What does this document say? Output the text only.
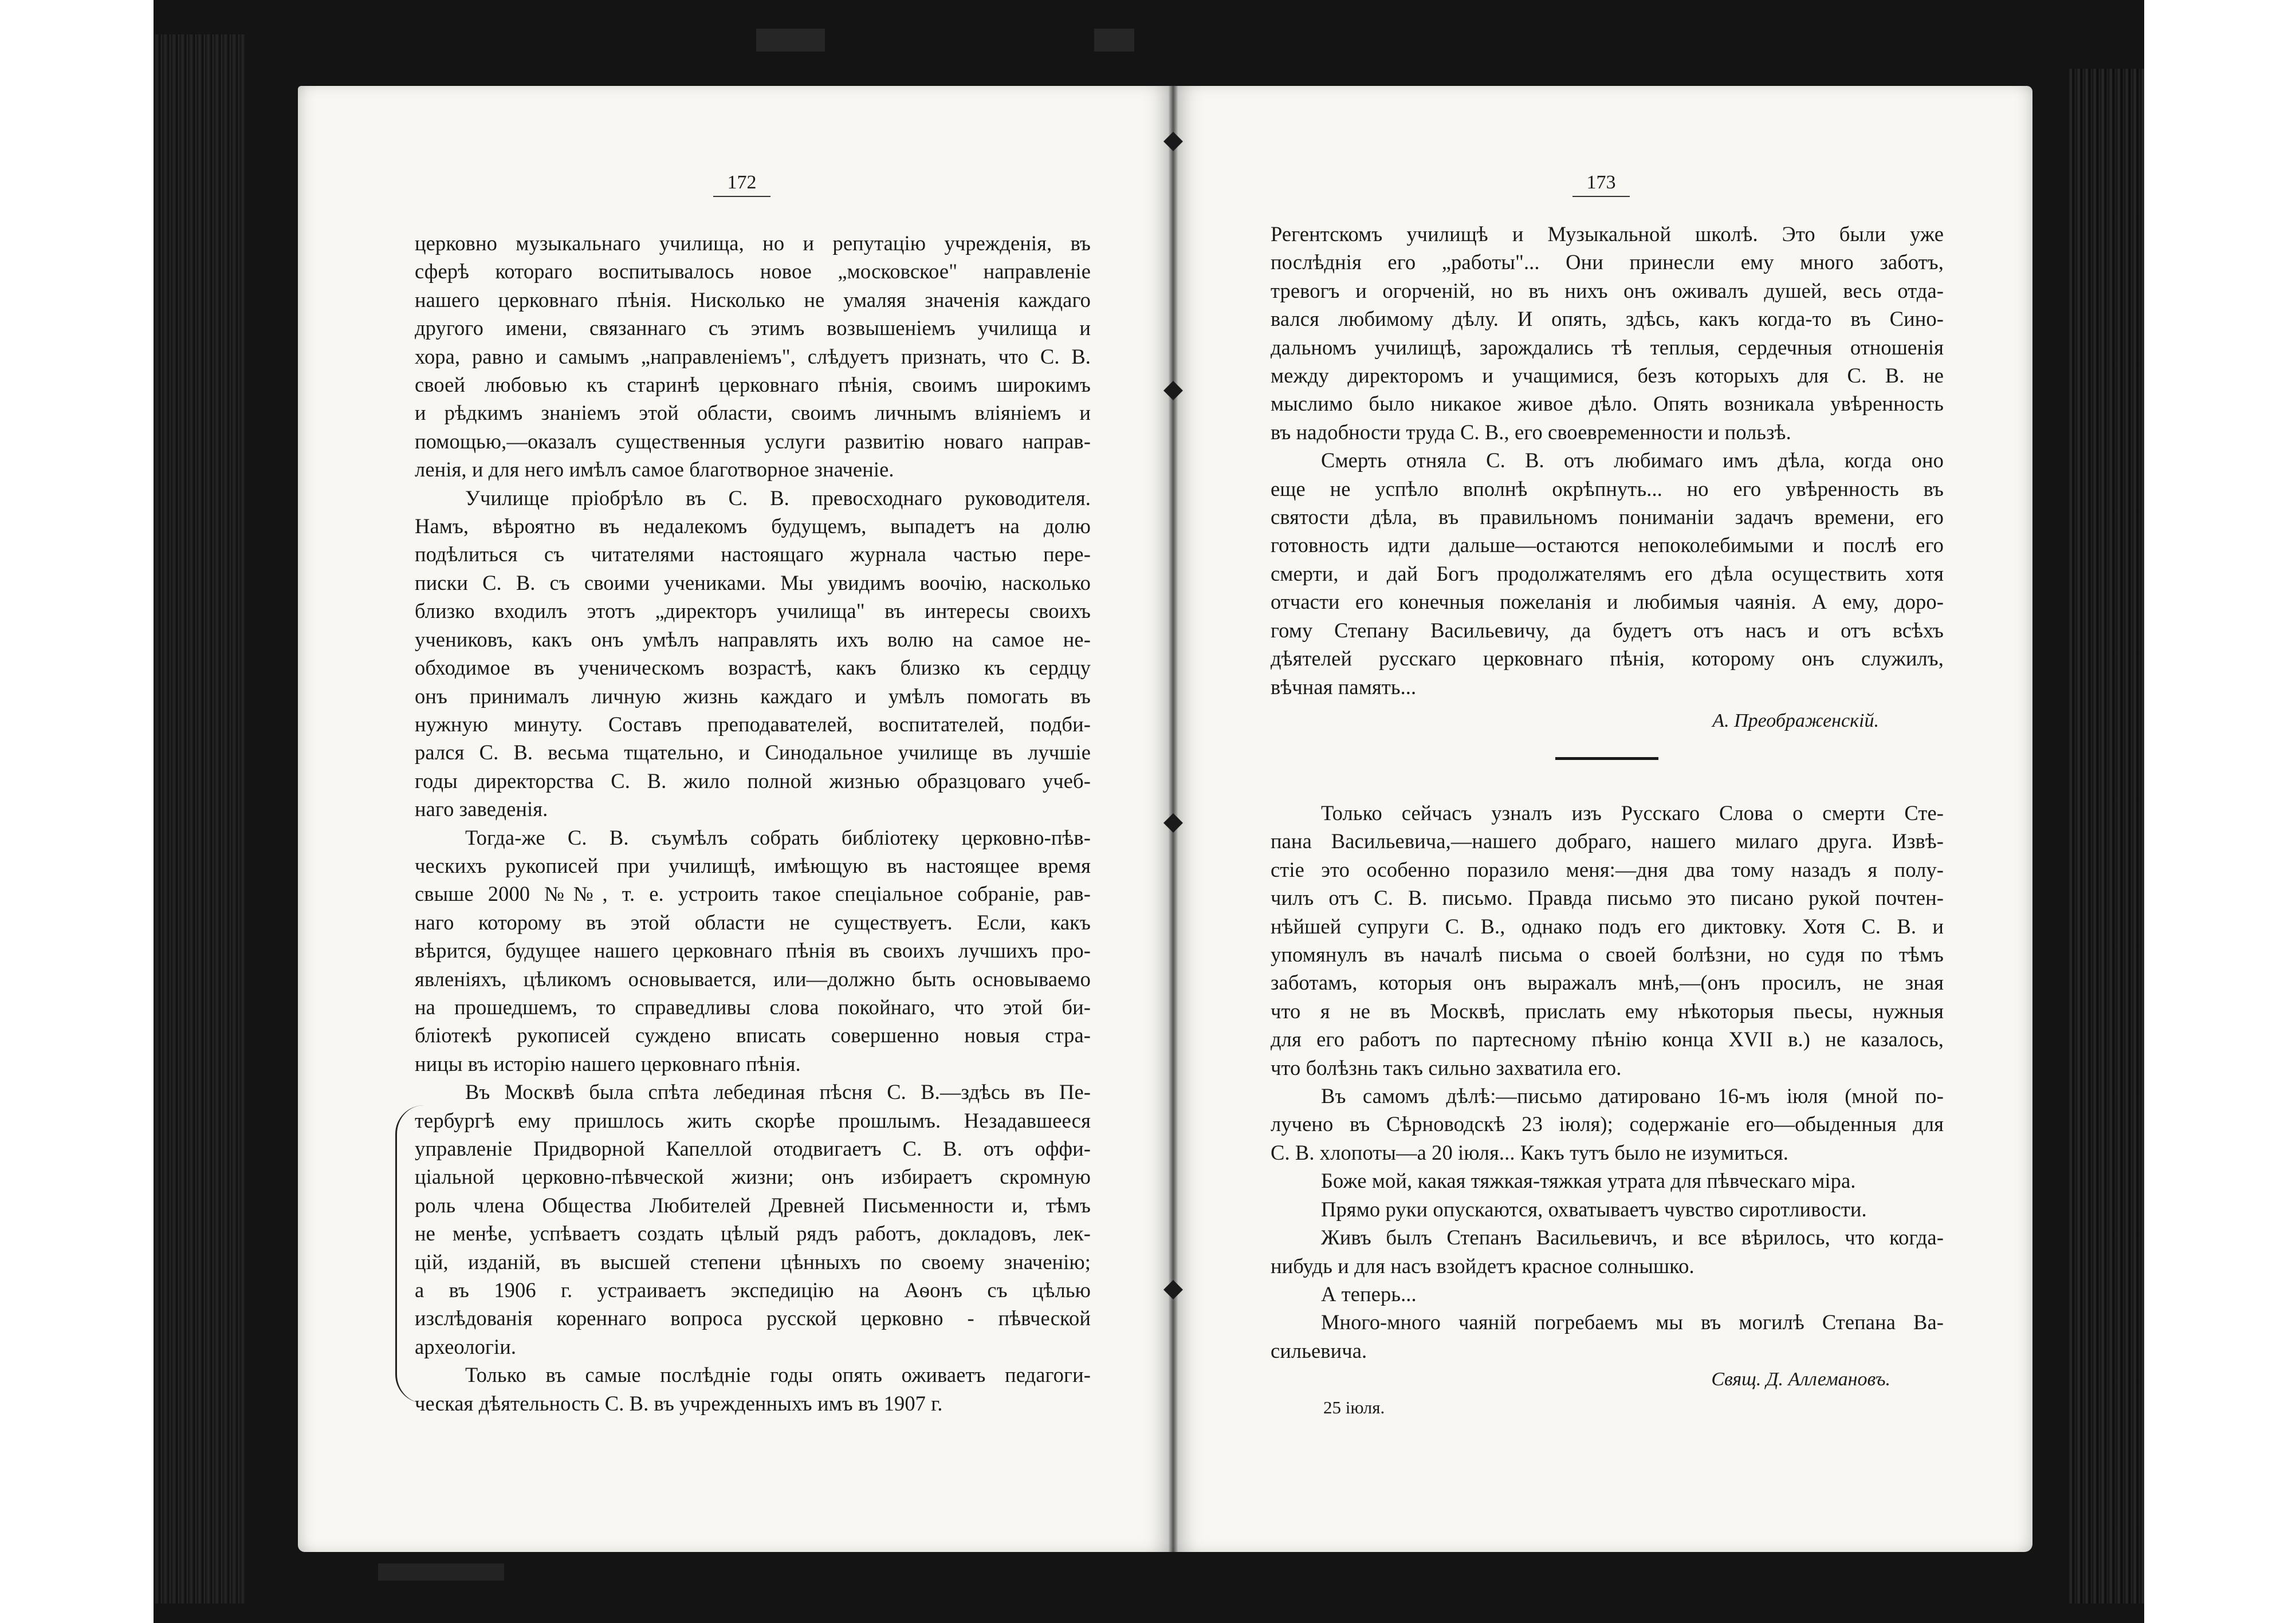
172	173

церковно музыкальнаго училища, но и репутацію учрежденія, въ
сферѣ котораго воспитывалось новое „московское" направленіе
нашего церковнаго пѣнія. Нисколько не умаляя значенія каждаго
другого имени, связаннаго съ этимъ возвышеніемъ училища и
хора, равно и самымъ „направленіемъ", слѣдуетъ признать, что С. В.
своей любовью къ старинѣ церковнаго пѣнія, своимъ широкимъ
и рѣдкимъ знаніемъ этой области, своимъ личнымъ вліяніемъ и
помощью,—оказалъ существенныя услуги развитію новаго направ-
ленія, и для него имѣлъ самое благотворное значеніе.

Училище пріобрѣло въ С. В. превосходнаго руководителя.
Намъ, вѣроятно въ недалекомъ будущемъ, выпадетъ на долю
подѣлиться съ читателями настоящаго журнала частью пере-
писки С. В. съ своими учениками. Мы увидимъ воочію, насколько
близко входилъ этотъ „директоръ училища" въ интересы своихъ
учениковъ, какъ онъ умѣлъ направлять ихъ волю на самое не-
обходимое въ ученическомъ возрастѣ, какъ близко къ сердцу
онъ принималъ личную жизнь каждаго и умѣлъ помогать въ
нужную минуту. Составъ преподавателей, воспитателей, подби-
рался С. В. весьма тщательно, и Синодальное училище въ лучшіе
годы директорства С. В. жило полной жизнью образцоваго учеб-
наго заведенія.

Тогда-же С. В. съумѣлъ собрать библіотеку церковно-пѣв-
ческихъ рукописей при училищѣ, имѣющую въ настоящее время
свыше 2000 №№, т. е. устроить такое спеціальное собраніе, рав-
наго которому въ этой области не существуетъ. Если, какъ
вѣрится, будущее нашего церковнаго пѣнія въ своихъ лучшихъ про-
явленіяхъ, цѣликомъ основывается, или—должно быть основываемо
на прошедшемъ, то справедливы слова покойнаго, что этой би-
бліотекѣ рукописей суждено вписать совершенно новыя стра-
ницы въ исторію нашего церковнаго пѣнія.

Въ Москвѣ была спѣта лебединая пѣсня С. В.—здѣсь въ Пе-
тербургѣ ему пришлось жить скорѣе прошлымъ. Незадавшееся
управленіе Придворной Капеллой отодвигаетъ С. В. отъ оффи-
ціальной церковно-пѣвческой жизни; онъ избираетъ скромную
роль члена Общества Любителей Древней Письменности и, тѣмъ
не менѣе, успѣваетъ создать цѣлый рядъ работъ, докладовъ, лек-
цій, изданій, въ высшей степени цѣнныхъ по своему значенію;
а въ 1906 г. устраиваетъ экспедицію на Аѳонъ съ цѣлью
изслѣдованія кореннаго вопроса русской церковно - пѣвческой
археологіи.

Только въ самые послѣдніе годы опять оживаетъ педагоги-
ческая дѣятельность С. В. въ учрежденныхъ имъ въ 1907 г.

Регентскомъ училищѣ и Музыкальной школѣ. Это были уже
послѣднія его „работы"... Они принесли ему много заботъ,
тревогъ и огорченій, но въ нихъ онъ оживалъ душей, весь отда-
вался любимому дѣлу. И опять, здѣсь, какъ когда-то въ Сино-
дальномъ училищѣ, зарождались тѣ теплыя, сердечныя отношенія
между директоромъ и учащимися, безъ которыхъ для С. В. не
мыслимо было никакое живое дѣло. Опять возникала увѣренность
въ надобности труда С. В., его своевременности и пользѣ.

Смерть отняла С. В. отъ любимаго имъ дѣла, когда оно
еще не успѣло вполнѣ окрѣпнуть... но его увѣренность въ
святости дѣла, въ правильномъ пониманіи задачъ времени, его
готовность идти дальше—остаются непоколебимыми и послѣ его
смерти, и дай Богъ продолжателямъ его дѣла осуществить хотя
отчасти его конечныя пожеланія и любимыя чаянія. А ему, доро-
гому Степану Васильевичу, да будетъ отъ насъ и отъ всѣхъ
дѣятелей русскаго церковнаго пѣнія, которому онъ служилъ,
вѣчная память...

А. Преображенскій.

Только сейчасъ узналъ изъ Русскаго Слова о смерти Сте-
пана Васильевича,—нашего добраго, нашего милаго друга. Извѣ-
стіе это особенно поразило меня:—дня два тому назадъ я полу-
чилъ отъ С. В. письмо. Правда письмо это писано рукой почтен-
нѣйшей супруги С. В., однако подъ его диктовку. Хотя С. В. и
упомянулъ въ началѣ письма о своей болѣзни, но судя по тѣмъ
заботамъ, которыя онъ выражалъ мнѣ,—(онъ просилъ, не зная
что я не въ Москвѣ, прислать ему нѣкоторыя пьесы, нужныя
для его работъ по партесному пѣнію конца XVII в.) не казалось,
что болѣзнь такъ сильно захватила его.

Въ самомъ дѣлѣ:—письмо датировано 16-мъ іюля (мной по-
лучено въ Сѣрноводскѣ 23 іюля); содержаніе его—обыденныя для
С. В. хлопоты—а 20 іюля... Какъ тутъ было не изумиться.

Боже мой, какая тяжкая-тяжкая утрата для пѣвческаго міра.

Прямо руки опускаются, охватываетъ чувство сиротливости.

Живъ былъ Степанъ Васильевичъ, и все вѣрилось, что когда-
нибудь и для насъ взойдетъ красное солнышко.

А теперь...

Много-много чаяній погребаемъ мы въ могилѣ Степана Ва-
сильевича.

Свящ. Д. Аллемановъ.
25 іюля.
